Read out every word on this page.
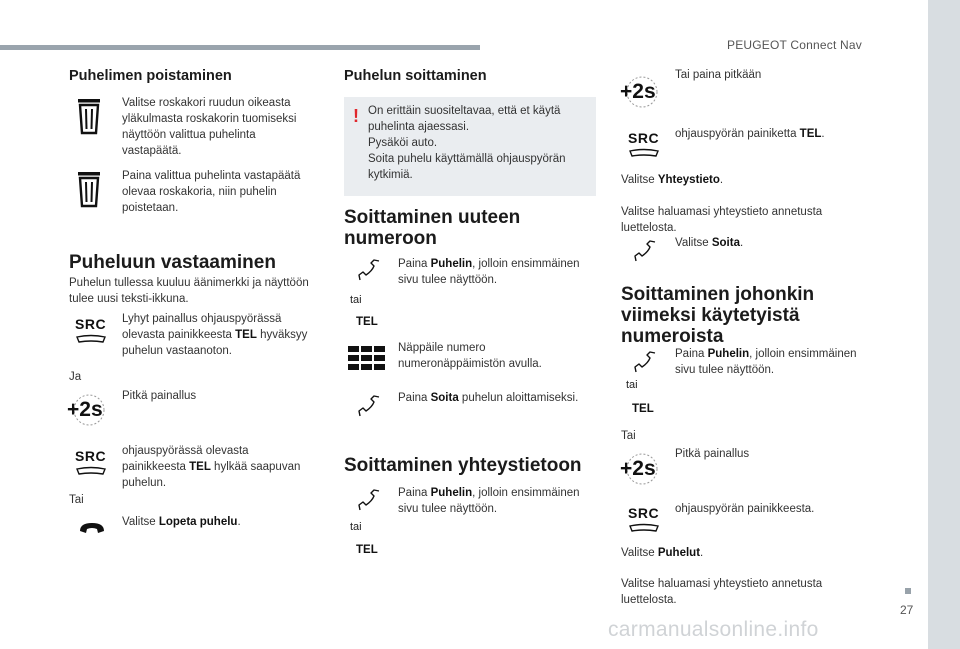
PEUGEOT Connect Nav
27
carmanualsonline.info
Puhelimen poistaminen
Valitse roskakori ruudun oikeasta
yläkulmasta roskakorin tuomiseksi
näyttöön valittua puhelinta
vastapäätä.
Paina valittua puhelinta vastapäätä
olevaa roskakoria, niin puhelin
poistetaan.
Puheluun vastaaminen
Puhelun tullessa kuuluu äänimerkki ja näyttöön
tulee uusi teksti-ikkuna.
SRC Lyhyt painallus ohjauspyörässä
olevasta painikkeesta TEL hyväksyy
puhelun vastaanoton.
Ja
+2s
Pitkä painallus
SRC ohjauspyörässä olevasta
painikkeesta TEL hylkää saapuvan
puhelun.
Tai
Valitse Lopeta puhelu.
Puhelun soittaminen
! On erittäin suositeltavaa, että et käytä
puhelinta ajaessasi.
Pysäköi auto.
Soita puhelu käyttämällä ohjauspyörän
kytkimiä.
Soittaminen uuteen
numeroon
tai
TEL
Paina Puhelin, jolloin ensimmäinen
sivu tulee näyttöön.
Näppäile numero
numeronäppäimistön avulla.
Paina Soita puhelun aloittamiseksi.
Soittaminen yhteystietoon
tai
TEL
Paina Puhelin, jolloin ensimmäinen
sivu tulee näyttöön.
+2s
Tai paina pitkään
SRC ohjauspyörän painiketta TEL.
Valitse Yhteystieto.
Valitse haluamasi yhteystieto annetusta
luettelosta.
Valitse Soita.
Soittaminen johonkin
viimeksi käytetyistä
numeroista
tai
TEL
Paina Puhelin, jolloin ensimmäinen
sivu tulee näyttöön.
Tai
+2s
Pitkä painallus
SRC ohjauspyörän painikkeesta.
Valitse Puhelut.
Valitse haluamasi yhteystieto annetusta
luettelosta.
